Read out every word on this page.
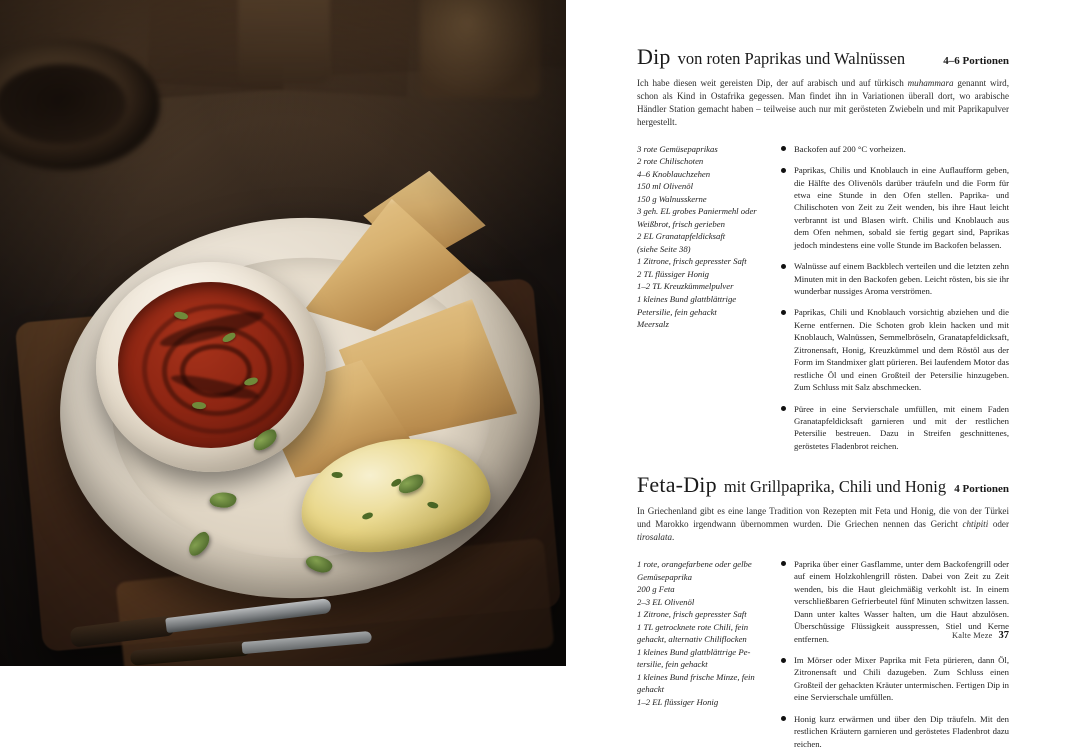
Dip von roten Paprikas und Walnüssen	4–6 Portionen

Ich habe diesen weit gereisten Dip, der auf arabisch und auf türkisch muhammara genannt wird, schon als Kind in Ostafrika gegessen. Man findet ihn in Variationen überall dort, wo arabische Händler Station gemacht haben – teilweise auch nur mit gerösteten Zwiebeln und mit Paprikapulver hergestellt.

3 rote Gemüsepaprikas
2 rote Chilischoten
4–6 Knoblauchzehen
150 ml Olivenöl
150 g Walnusskerne
3 geh. EL grobes Paniermehl oder
Weißbrot, frisch gerieben
2 EL Granatapfeldicksaft
(siehe Seite 38)
1 Zitrone, frisch gepresster Saft
2 TL flüssiger Honig
1–2 TL Kreuzkümmelpulver
1 kleines Bund glattblättrige
Petersilie, fein gehackt
Meersalz
Backofen auf 200 °C vorheizen.
Paprikas, Chilis und Knoblauch in eine Auflaufform geben, die Hälfte des Olivenöls darüber träufeln und die Form für etwa eine Stunde in den Ofen stellen. Paprika- und Chilischoten von Zeit zu Zeit wenden, bis ihre Haut leicht verbrannt ist und Blasen wirft. Chilis und Knoblauch aus dem Ofen nehmen, sobald sie fertig gegart sind, Paprikas jedoch mindestens eine volle Stunde im Backofen belassen.
Walnüsse auf einem Backblech verteilen und die letzten zehn Minuten mit in den Backofen geben. Leicht rösten, bis sie ihr wunderbar nussiges Aroma verströmen.
Paprikas, Chili und Knoblauch vorsichtig abziehen und die Kerne entfernen. Die Schoten grob klein hacken und mit Knoblauch, Walnüssen, Semmelbröseln, Granatapfeldicksaft, Zitronensaft, Honig, Kreuzkümmel und dem Röstöl aus der Form im Standmixer glatt pürieren. Bei laufendem Motor das restliche Öl und einen Großteil der Petersilie hinzugeben. Zum Schluss mit Salz abschmecken.
Püree in eine Servierschale umfüllen, mit einem Faden Granatapfeldicksaft garnieren und mit der restlichen Petersilie bestreuen. Dazu in Streifen geschnittenes, geröstetes Fladenbrot reichen.
Feta-Dip mit Grillpaprika, Chili und Honig 4 Portionen

In Griechenland gibt es eine lange Tradition von Rezepten mit Feta und Honig, die von der Türkei und Marokko irgendwann übernommen wurden. Die Griechen nennen das Gericht chtipiti oder tirosalata.

1 rote, orangefarbene oder gelbe
Gemüsepaprika
200 g Feta
2–3 EL Olivenöl
1 Zitrone, frisch gepresster Saft
1 TL getrocknete rote Chili, fein
gehackt, alternativ Chiliflocken
1 kleines Bund glattblättrige Pe-
tersilie, fein gehackt
1 kleines Bund frische Minze, fein
gehackt
1–2 EL flüssiger Honig
Paprika über einer Gasflamme, unter dem Backofengrill oder auf einem Holzkohlengrill rösten. Dabei von Zeit zu Zeit wenden, bis die Haut gleichmäßig verkohlt ist. In einem verschließbaren Gefrierbeutel fünf Minuten schwitzen lassen. Dann unter kaltes Wasser halten, um die Haut abzulösen. Überschüssige Flüssigkeit ausspressen, Stiel und Kerne entfernen.
Im Mörser oder Mixer Paprika mit Feta pürieren, dann Öl, Zitronensaft und Chili dazugeben. Zum Schluss einen Großteil der gehackten Kräuter untermischen. Fertigen Dip in eine Servierschale umfüllen.
Honig kurz erwärmen und über den Dip träufeln. Mit den restlichen Kräutern garnieren und geröstetes Fladenbrot dazu reichen.
Kalte Meze 37
